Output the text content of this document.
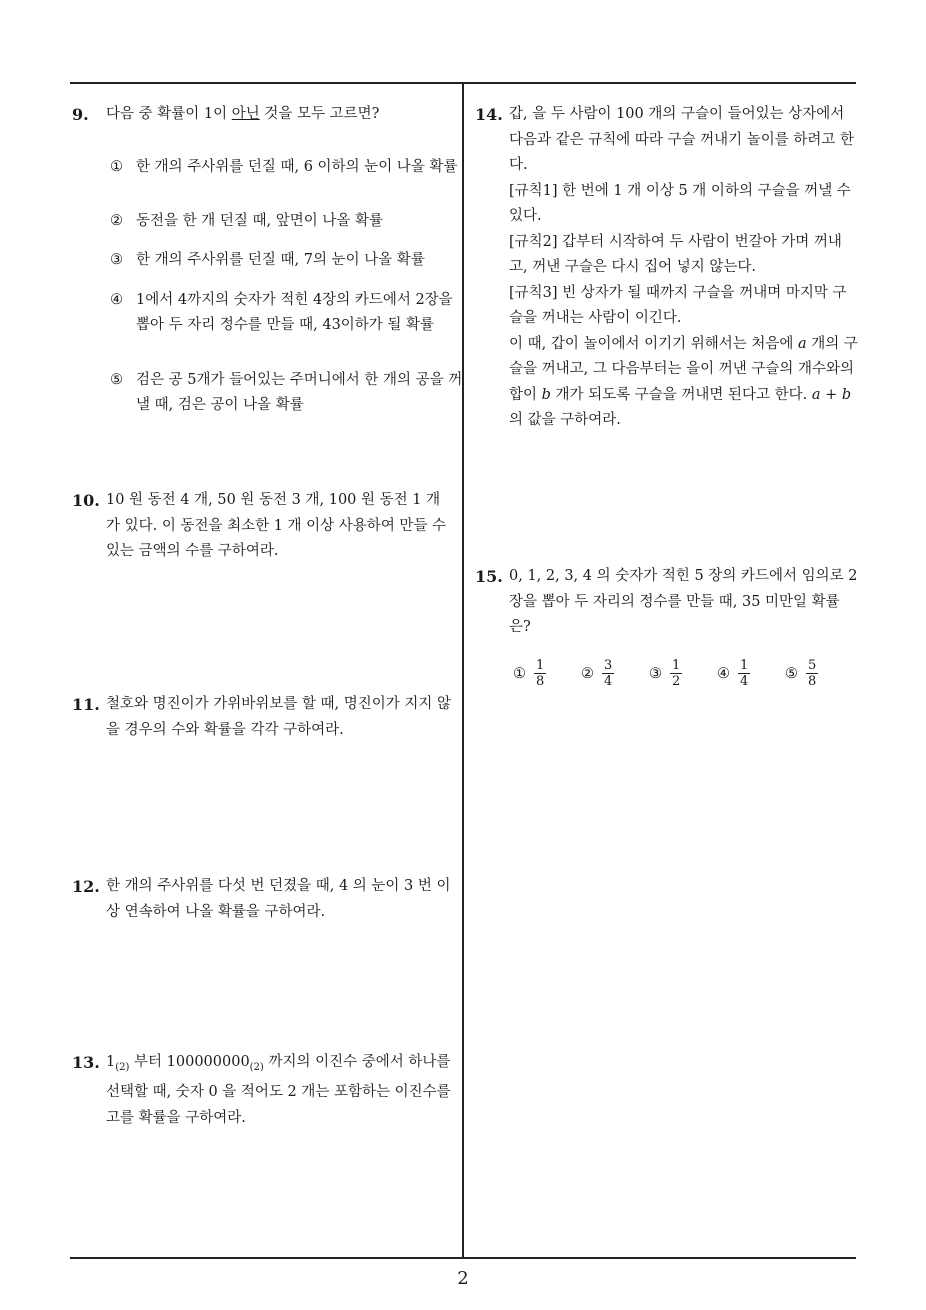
9.	다음 중 확률이 1이 아닌 것을 모두 고르면?
① 한 개의 주사위를 던질 때, 6 이하의 눈이 나올 확률
② 동전을 한 개 던질 때, 앞면이 나올 확률
③ 한 개의 주사위를 던질 때, 7의 눈이 나올 확률
④ 1에서 4까지의 숫자가 적힌 4장의 카드에서 2장을 뽑아 두 자리 정수를 만들 때, 43이하가 될 확률
⑤ 검은 공 5개가 들어있는 주머니에서 한 개의 공을 꺼낼 때, 검은 공이 나올 확률
10. 10 원 동전 4 개, 50 원 동전 3 개, 100 원 동전 1 개가 있다. 이 동전을 최소한 1 개 이상 사용하여 만들 수 있는 금액의 수를 구하여라.
11. 철호와 명진이가 가위바위보를 할 때, 명진이가 지지 않을 경우의 수와 확률을 각각 구하여라.
12. 한 개의 주사위를 다섯 번 던졌을 때, 4 의 눈이 3 번 이상 연속하여 나올 확률을 구하여라.
13. $1_{(2)}$ 부터 $100000000_{(2)}$ 까지의 이진수 중에서 하나를 선택할 때, 숫자 0 을 적어도 2 개는 포함하는 이진수를 고를 확률을 구하여라.
14. 갑, 을 두 사람이 100 개의 구슬이 들어있는 상자에서 다음과 같은 규칙에 따라 구슬 꺼내기 놀이를 하려고 한다.
[규칙1] 한 번에 1 개 이상 5 개 이하의 구슬을 꺼낼 수 있다.
[규칙2] 갑부터 시작하여 두 사람이 번갈아 가며 꺼내고, 꺼낸 구슬은 다시 집어 넣지 않는다.
[규칙3] 빈 상자가 될 때까지 구슬을 꺼내며 마지막 구슬을 꺼내는 사람이 이긴다.
이 때, 갑이 놀이에서 이기기 위해서는 처음에 a 개의 구슬을 꺼내고, 그 다음부터는 을이 꺼낸 구슬의 개수와의 합이 b 개가 되도록 구슬을 꺼내면 된다고 한다. a + b 의 값을 구하여라.
15. 0, 1, 2, 3, 4 의 숫자가 적힌 5 장의 카드에서 임의로 2 장을 뽑아 두 자리의 정수를 만들 때, 35 미만일 확률은?
① $\frac{1}{8}$ ② $\frac{3}{4}$ ③ $\frac{1}{2}$ ④ $\frac{1}{4}$ ⑤ $\frac{5}{8}$
2
